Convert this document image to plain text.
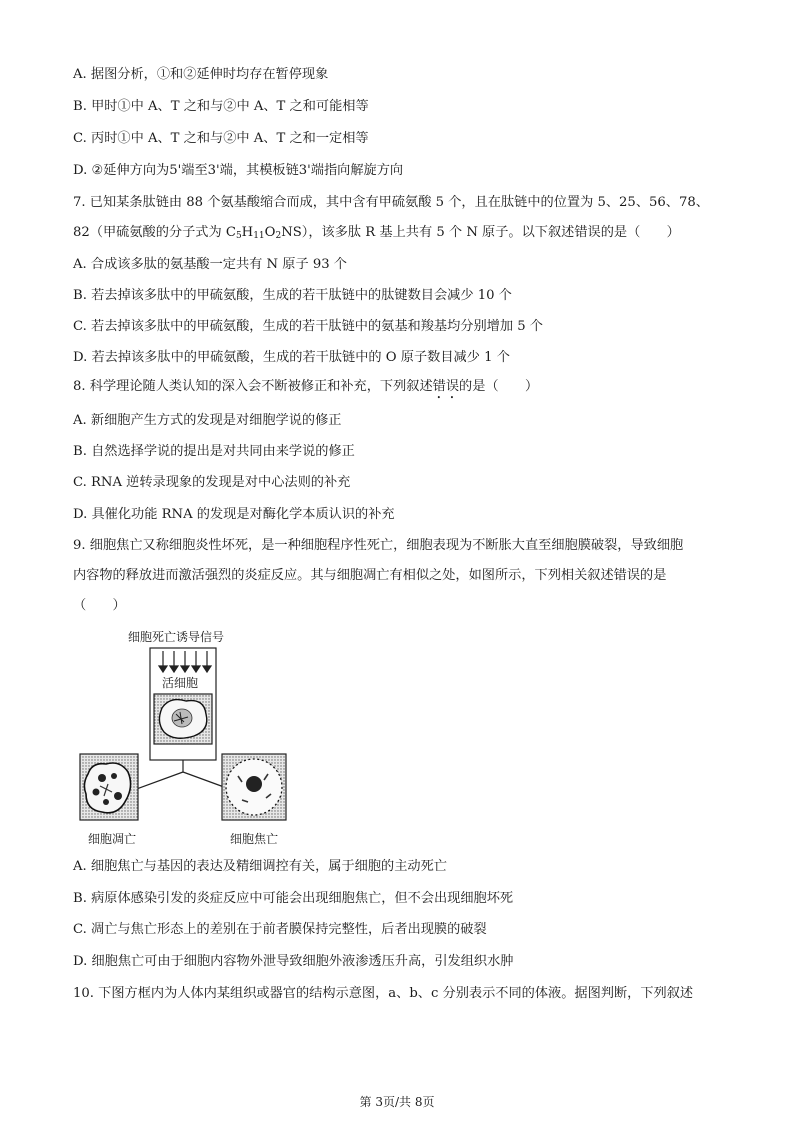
A. 据图分析，①和②延伸时均存在暂停现象
B. 甲时①中 A、T 之和与②中 A、T 之和可能相等
C. 丙时①中 A、T 之和与②中 A、T 之和一定相等
D. ②延伸方向为5'端至3'端，其模板链3'端指向解旋方向
7. 已知某条肽链由 88 个氨基酸缩合而成，其中含有甲硫氨酸 5 个，且在肽链中的位置为 5、25、56、78、
82（甲硫氨酸的分子式为 $C_5H_{11}O_2NS$），该多肽 R 基上共有 5 个 N 原子。以下叙述错误的是（　　）
A. 合成该多肽的氨基酸一定共有 N 原子 93 个
B. 若去掉该多肽中的甲硫氨酸，生成的若干肽链中的肽键数目会减少 10 个
C. 若去掉该多肽中的甲硫氨酸，生成的若干肽链中的氨基和羧基均分别增加 5 个
D. 若去掉该多肽中的甲硫氨酸，生成的若干肽链中的 O 原子数目减少 1 个
8. 科学理论随人类认知的深入会不断被修正和补充，下列叙述错误的是（　　）
A. 新细胞产生方式的发现是对细胞学说的修正
B. 自然选择学说的提出是对共同由来学说的修正
C. RNA 逆转录现象的发现是对中心法则的补充
D. 具催化功能 RNA 的发现是对酶化学本质认识的补充
9. 细胞焦亡又称细胞炎性坏死，是一种细胞程序性死亡，细胞表现为不断胀大直至细胞膜破裂，导致细胞
内容物的释放进而激活强烈的炎症反应。其与细胞凋亡有相似之处，如图所示，下列相关叙述错误的是
（　　）
细胞死亡诱导信号
活细胞
细胞凋亡	细胞焦亡
A. 细胞焦亡与基因的表达及精细调控有关，属于细胞的主动死亡
B. 病原体感染引发的炎症反应中可能会出现细胞焦亡，但不会出现细胞坏死
C. 凋亡与焦亡形态上的差别在于前者膜保持完整性，后者出现膜的破裂
D. 细胞焦亡可由于细胞内容物外泄导致细胞外液渗透压升高，引发组织水肿
10. 下图方框内为人体内某组织或器官的结构示意图，a、b、c 分别表示不同的体液。据图判断，下列叙述
第 3页/共 8页
